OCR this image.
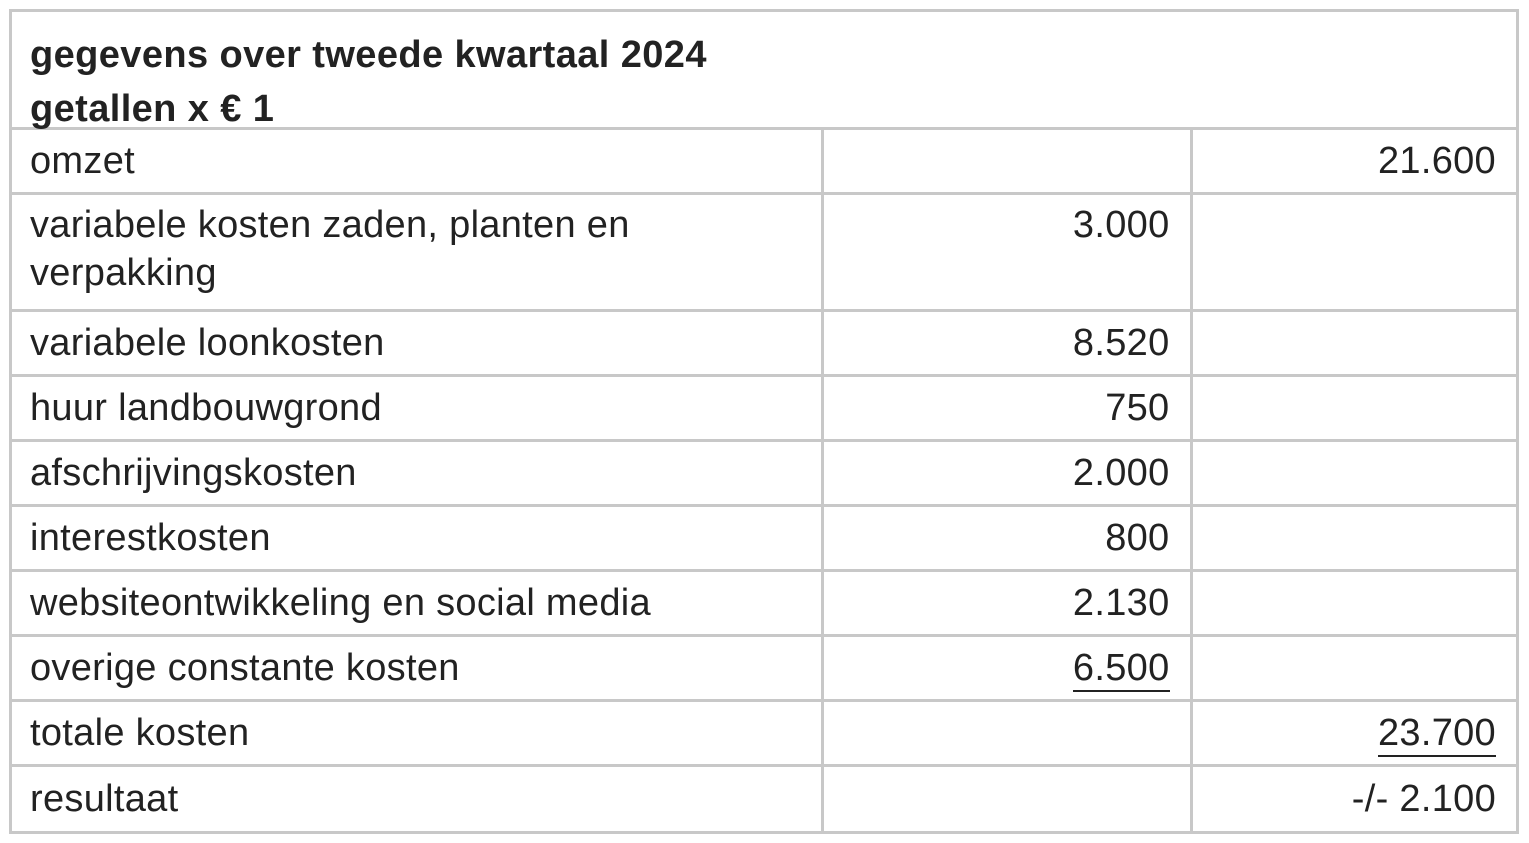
gegevens over tweede kwartaal 2024
getallen x € 1
omzet		21.600

variabele kosten zaden, planten en
verpakking	3.000	
variabele loonkosten	8.520	
huur landbouwgrond	750	
afschrijvingskosten	2.000	
interestkosten	800	
websiteontwikkeling en social media	2.130	
overige constante kosten	6.500	
totale kosten		23.700
resultaat		-/- 2.100
